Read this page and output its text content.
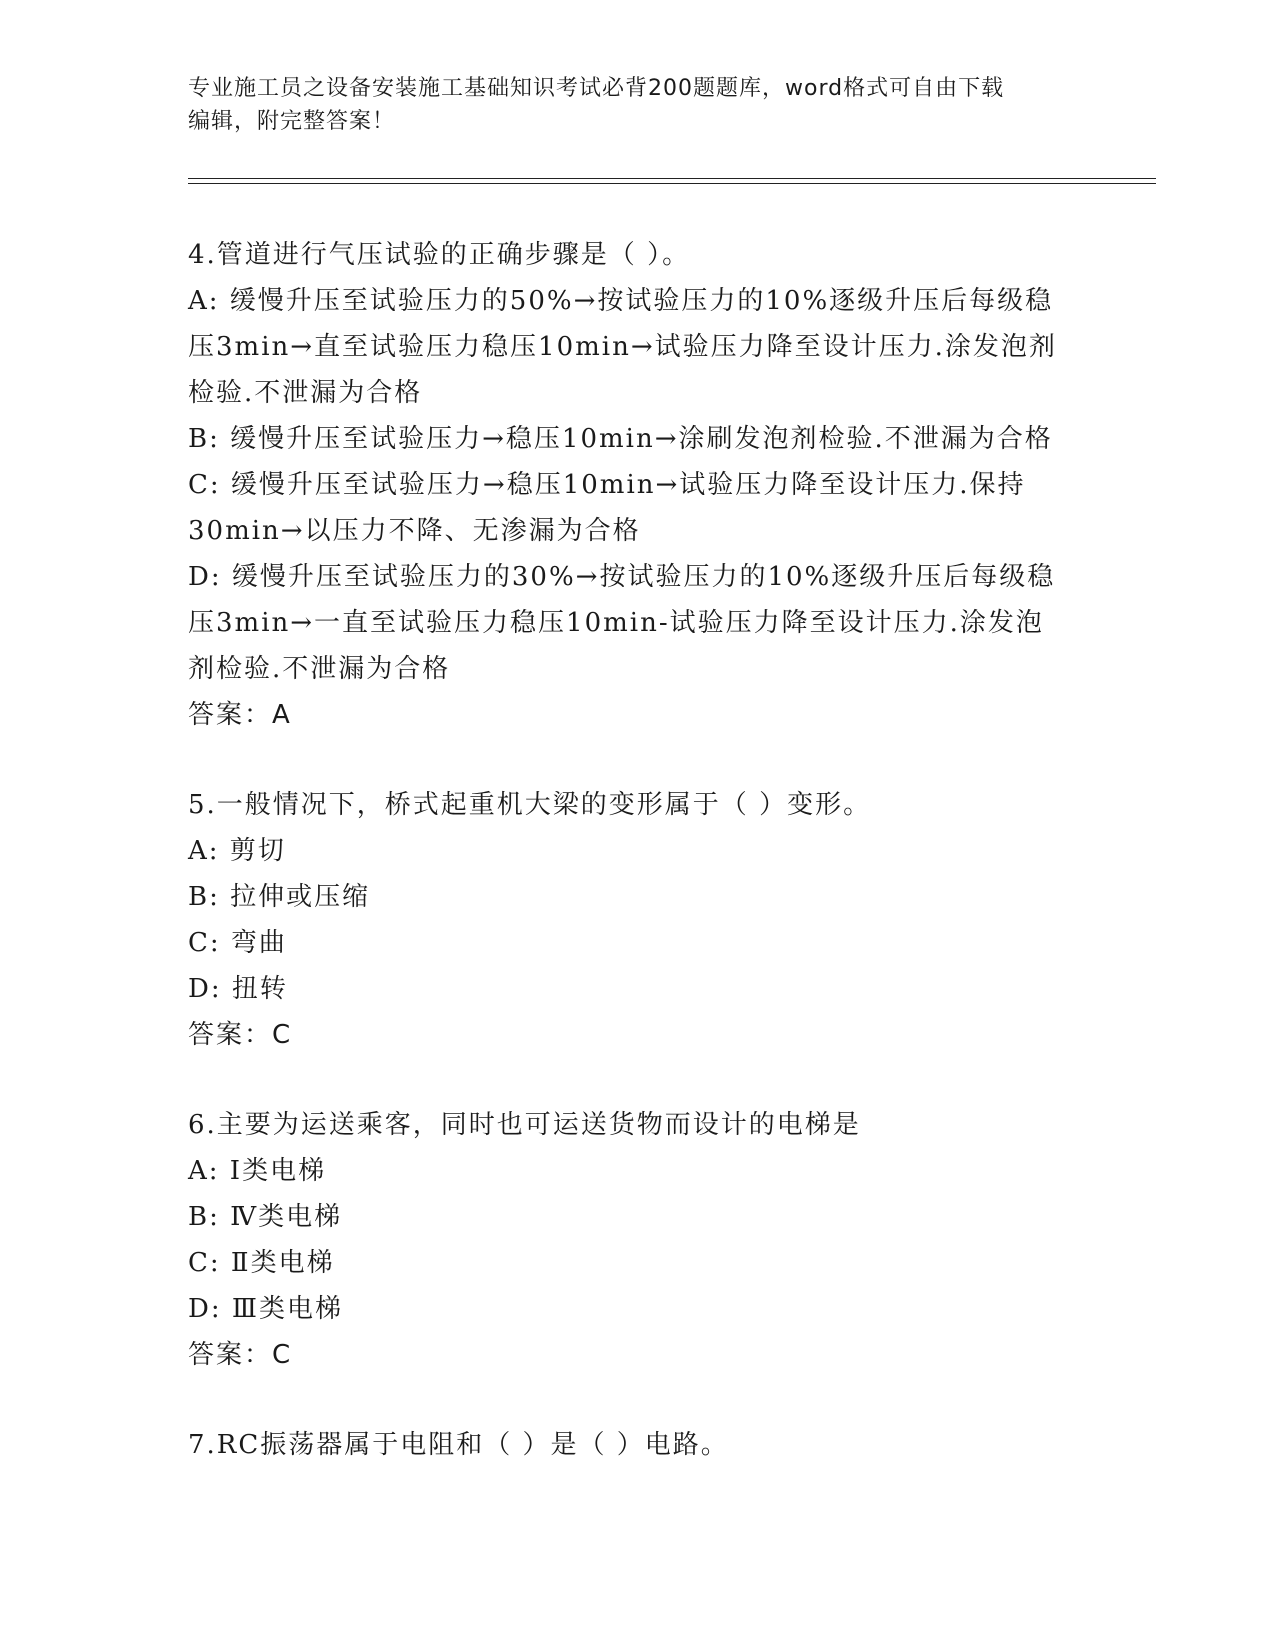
专业施工员之设备安装施工基础知识考试必背200题题库，word格式可自由下载
编辑，附完整答案！
4.管道进行气压试验的正确步骤是（ ）。
A: 缓慢升压至试验压力的50%→按试验压力的10%逐级升压后每级稳
压3min→直至试验压力稳压10min→试验压力降至设计压力.涂发泡剂
检验.不泄漏为合格
B: 缓慢升压至试验压力→稳压10min→涂刷发泡剂检验.不泄漏为合格
C: 缓慢升压至试验压力→稳压10min→试验压力降至设计压力.保持
30min→以压力不降、无渗漏为合格
D: 缓慢升压至试验压力的30%→按试验压力的10%逐级升压后每级稳
压3min→一直至试验压力稳压10min-试验压力降至设计压力.涂发泡
剂检验.不泄漏为合格
答案：A
5.一般情况下，桥式起重机大梁的变形属于（ ）变形。
A: 剪切
B: 拉伸或压缩
C: 弯曲
D: 扭转
答案：C
6.主要为运送乘客，同时也可运送货物而设计的电梯是
A: I类电梯
B: Ⅳ类电梯
C: Ⅱ类电梯
D: Ⅲ类电梯
答案：C
7.RC振荡器属于电阻和（ ）是（ ）电路。
